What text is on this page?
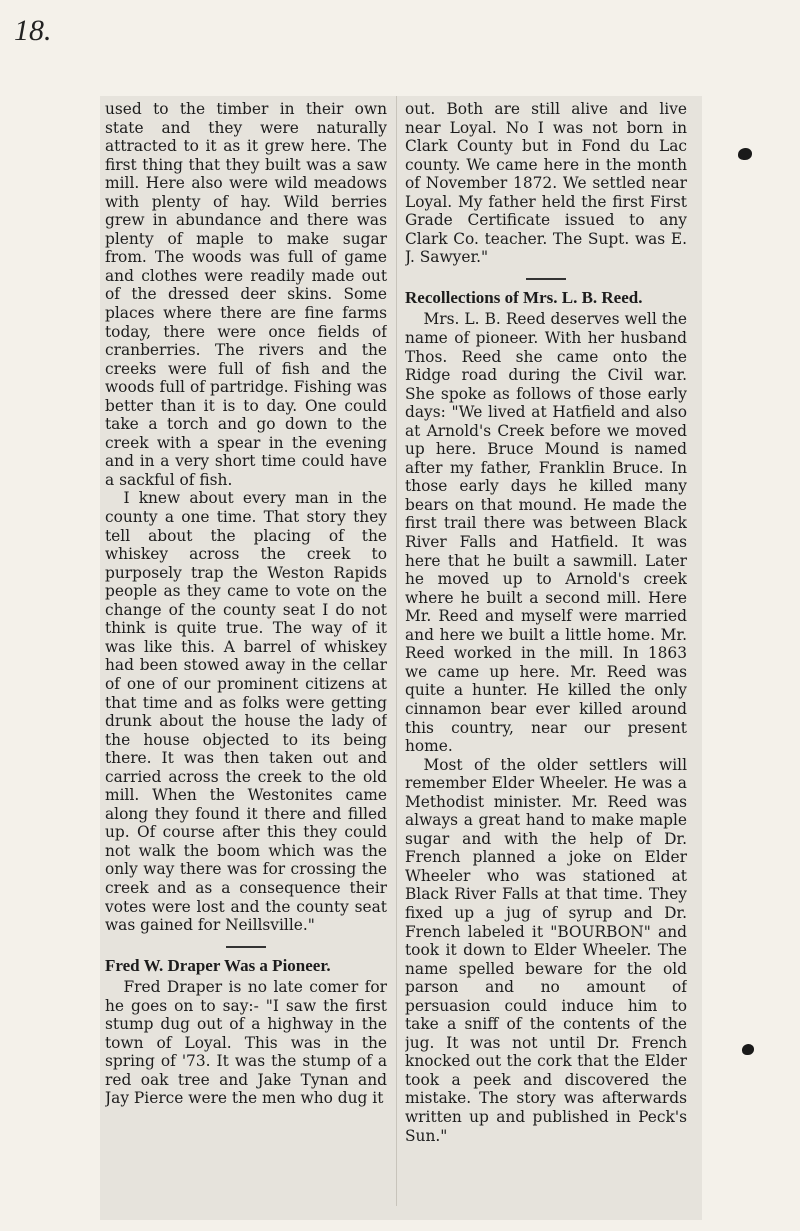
18.

used to the timber in their own state and they were naturally attracted to it as it grew here. The first thing that they built was a saw mill. Here also were wild meadows with plenty of hay. Wild berries grew in abundance and there was plenty of maple to make sugar from. The woods was full of game and clothes were readily made out of the dressed deer skins. Some places where there are fine farms today, there were once fields of cranberries. The rivers and the creeks were full of fish and the woods full of partridge. Fishing was better than it is to day. One could take a torch and go down to the creek with a spear in the evening and in a very short time could have a sackful of fish.

I knew about every man in the county a one time. That story they tell about the placing of the whiskey across the creek to purposely trap the Weston Rapids people as they came to vote on the change of the county seat I do not think is quite true. The way of it was like this. A barrel of whiskey had been stowed away in the cellar of one of our prominent citizens at that time and as folks were getting drunk about the house the lady of the house objected to its being there. It was then taken out and carried across the creek to the old mill. When the Westonites came along they found it there and filled up. Of course after this they could not walk the boom which was the only way there was for crossing the creek and as a consequence their votes were lost and the county seat was gained for Neillsville."

Fred W. Draper Was a Pioneer.

Fred Draper is no late comer for he goes on to say:- "I saw the first stump dug out of a highway in the town of Loyal. This was in the spring of '73. It was the stump of a red oak tree and Jake Tynan and Jay Pierce were the men who dug it

out. Both are still alive and live near Loyal. No I was not born in Clark County but in Fond du Lac county. We came here in the month of November 1872. We settled near Loyal. My father held the first First Grade Certificate issued to any Clark Co. teacher. The Supt. was E. J. Sawyer."

Recollections of Mrs. L. B. Reed.

Mrs. L. B. Reed deserves well the name of pioneer. With her husband Thos. Reed she came onto the Ridge road during the Civil war. She spoke as follows of those early days: "We lived at Hatfield and also at Arnold's Creek before we moved up here. Bruce Mound is named after my father, Franklin Bruce. In those early days he killed many bears on that mound. He made the first trail there was between Black River Falls and Hatfield. It was here that he built a sawmill. Later he moved up to Arnold's creek where he built a second mill. Here Mr. Reed and myself were married and here we built a little home. Mr. Reed worked in the mill. In 1863 we came up here. Mr. Reed was quite a hunter. He killed the only cinnamon bear ever killed around this country, near our present home.

Most of the older settlers will remember Elder Wheeler. He was a Methodist minister. Mr. Reed was always a great hand to make maple sugar and with the help of Dr. French planned a joke on Elder Wheeler who was stationed at Black River Falls at that time. They fixed up a jug of syrup and Dr. French labeled it "BOURBON" and took it down to Elder Wheeler. The name spelled beware for the old parson and no amount of persuasion could induce him to take a sniff of the contents of the jug. It was not until Dr. French knocked out the cork that the Elder took a peek and discovered the mistake. The story was afterwards written up and published in Peck's Sun."
